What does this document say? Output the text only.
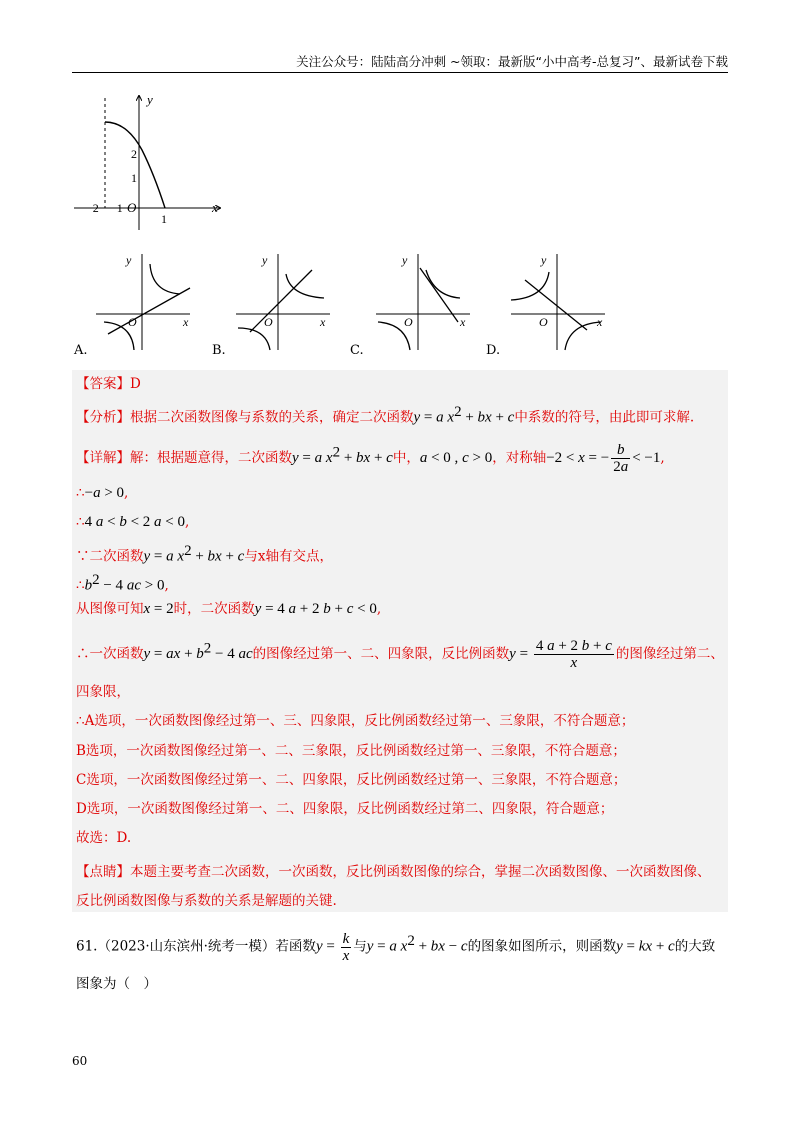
关注公众号：陆陆高分冲刺 ~领取：最新版“小中高考-总复习”、最新试卷下载
y
x
O
−2 −1
1
2
1
y
x
O
y
x
O
y
x
O
y
x
O
A.	B.	C.	D.
【答案】D
【分析】根据二次函数图像与系数的关系，确定二次函数y = a $x^2$ + bx + c中系数的符号，由此即可求解.
【详解】解：根据题意得，二次函数y = a $x^2$ + bx + c中，a < 0 , c > 0，对称轴−2 < x = − $\frac{b}{2a} < -1$,
∴−a > 0,
∴4 a < b < 2 a < 0,
∵二次函数y = a $x^2$ + bx + c与x轴有交点，
$\therefore b^2 - 4$ ac > 0,
从图像可知x = 2时，二次函数y = 4 a + 2 b + c < 0,
∴一次函数y = ax + $b^2 - 4$ ac的图像经过第一、二、四象限，反比例函数$y = \frac{4 a + 2 b + c}{x}$ 的图像经过第二、
四象限，
∴A选项，一次函数图像经过第一、三、四象限，反比例函数经过第一、三象限，不符合题意；
B选项，一次函数图像经过第一、二、三象限，反比例函数经过第一、三象限，不符合题意；
C选项，一次函数图像经过第一、二、四象限，反比例函数经过第一、三象限，不符合题意；
D选项，一次函数图像经过第一、二、四象限，反比例函数经过第二、四象限，符合题意；
故选：D.
【点睛】本题主要考查二次函数，一次函数，反比例函数图像的综合，掌握二次函数图像、一次函数图像、
反比例函数图像与系数的关系是解题的关键.
61.（2023·山东滨州·统考一模）若函数$y = \frac{k}{x}$ 与y = a $x^2$ + bx − c的图象如图所示，则函数y = kx + c的大致
图象为（　）
60
